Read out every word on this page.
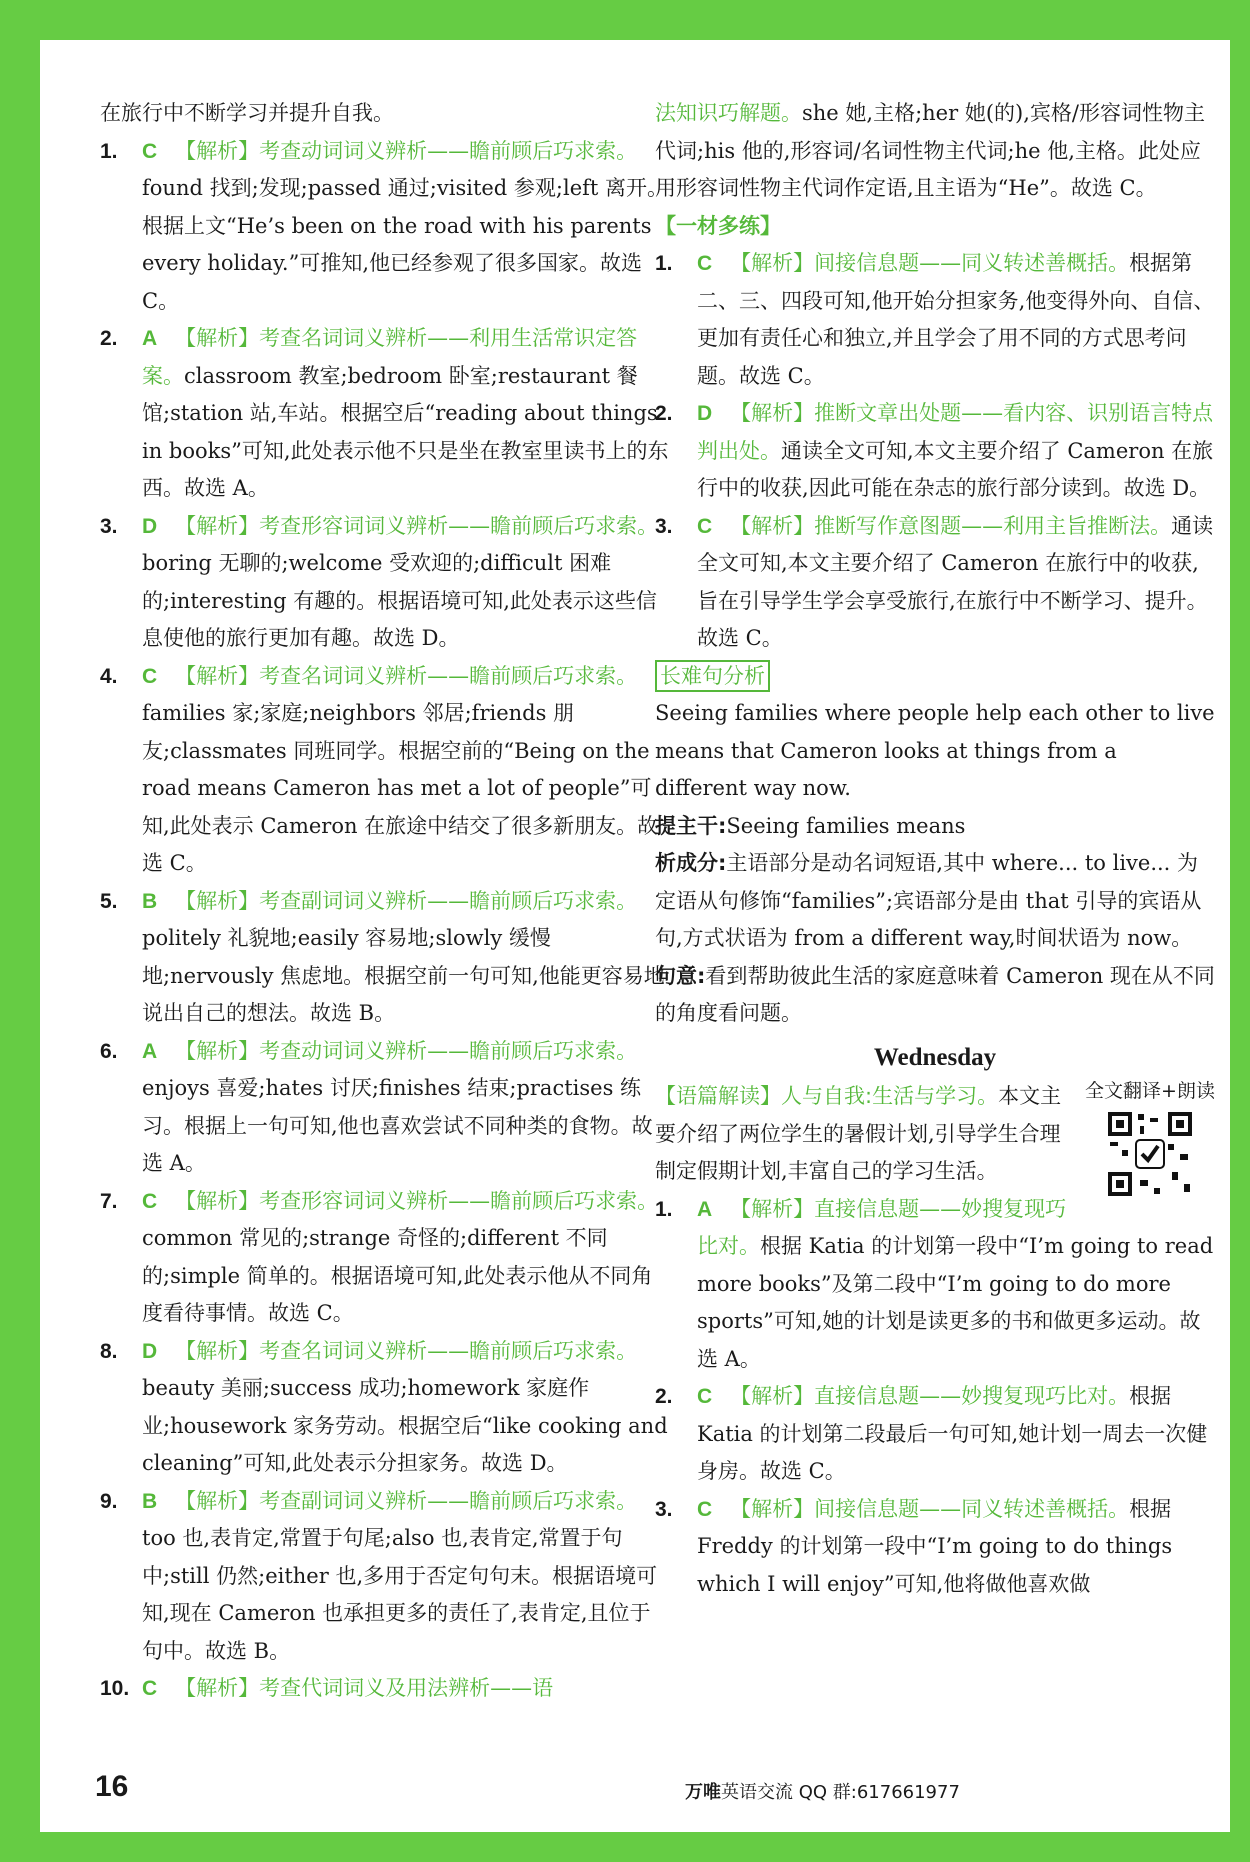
在旅行中不断学习并提升自我。

1. C 【解析】考查动词词义辨析——瞻前顾后巧求索。found 找到;发现;passed 通过;visited 参观;left 离开。根据上文“He’s been on the road with his parents every holiday.”可推知,他已经参观了很多国家。故选 C。
2. A 【解析】考查名词词义辨析——利用生活常识定答案。classroom 教室;bedroom 卧室;restaurant 餐馆;station 站,车站。根据空后“reading about things in books”可知,此处表示他不只是坐在教室里读书上的东西。故选 A。
3. D 【解析】考查形容词词义辨析——瞻前顾后巧求索。boring 无聊的;welcome 受欢迎的;difficult 困难的;interesting 有趣的。根据语境可知,此处表示这些信息使他的旅行更加有趣。故选 D。
4. C 【解析】考查名词词义辨析——瞻前顾后巧求索。families 家;家庭;neighbors 邻居;friends 朋友;classmates 同班同学。根据空前的“Being on the road means Cameron has met a lot of people”可知,此处表示 Cameron 在旅途中结交了很多新朋友。故选 C。
5. B 【解析】考查副词词义辨析——瞻前顾后巧求索。politely 礼貌地;easily 容易地;slowly 缓慢地;nervously 焦虑地。根据空前一句可知,他能更容易地说出自己的想法。故选 B。
6. A 【解析】考查动词词义辨析——瞻前顾后巧求索。enjoys 喜爱;hates 讨厌;finishes 结束;practises 练习。根据上一句可知,他也喜欢尝试不同种类的食物。故选 A。
7. C 【解析】考查形容词词义辨析——瞻前顾后巧求索。common 常见的;strange 奇怪的;different 不同的;simple 简单的。根据语境可知,此处表示他从不同角度看待事情。故选 C。
8. D 【解析】考查名词词义辨析——瞻前顾后巧求索。beauty 美丽;success 成功;homework 家庭作业;housework 家务劳动。根据空后“like cooking and cleaning”可知,此处表示分担家务。故选 D。
9. B 【解析】考查副词词义辨析——瞻前顾后巧求索。too 也,表肯定,常置于句尾;also 也,表肯定,常置于句中;still 仍然;either 也,多用于否定句句末。根据语境可知,现在 Cameron 也承担更多的责任了,表肯定,且位于句中。故选 B。
10. C 【解析】考查代词词义及用法辨析——语

法知识巧解题。she 她,主格;her 她(的),宾格/形容词性物主代词;his 他的,形容词/名词性物主代词;he 他,主格。此处应用形容词性物主代词作定语,且主语为“He”。故选 C。

【一材多练】

1. C 【解析】间接信息题——同义转述善概括。根据第二、三、四段可知,他开始分担家务,他变得外向、自信、更加有责任心和独立,并且学会了用不同的方式思考问题。故选 C。
2. D 【解析】推断文章出处题——看内容、识别语言特点判出处。通读全文可知,本文主要介绍了 Cameron 在旅行中的收获,因此可能在杂志的旅行部分读到。故选 D。
3. C 【解析】推断写作意图题——利用主旨推断法。通读全文可知,本文主要介绍了 Cameron 在旅行中的收获,旨在引导学生学会享受旅行,在旅行中不断学习、提升。故选 C。

长难句分析

Seeing families where people help each other to live means that Cameron looks at things from a different way now.

提主干:Seeing families means

析成分:主语部分是动名词短语,其中 where... to live... 为定语从句修饰“families”;宾语部分是由 that 引导的宾语从句,方式状语为 from a different way,时间状语为 now。

句意:看到帮助彼此生活的家庭意味着 Cameron 现在从不同的角度看问题。

Wednesday
全文翻译+朗读

【语篇解读】人与自我:生活与学习。本文主要介绍了两位学生的暑假计划,引导学生合理制定假期计划,丰富自己的学习生活。

1. A 【解析】直接信息题——妙搜复现巧比对。根据 Katia 的计划第一段中“I’m going to read more books”及第二段中“I’m going to do more sports”可知,她的计划是读更多的书和做更多运动。故选 A。
2. C 【解析】直接信息题——妙搜复现巧比对。根据 Katia 的计划第二段最后一句可知,她计划一周去一次健身房。故选 C。
3. C 【解析】间接信息题——同义转述善概括。根据 Freddy 的计划第一段中“I’m going to do things which I will enjoy”可知,他将做他喜欢做
16	万唯英语交流 QQ 群:617661977
